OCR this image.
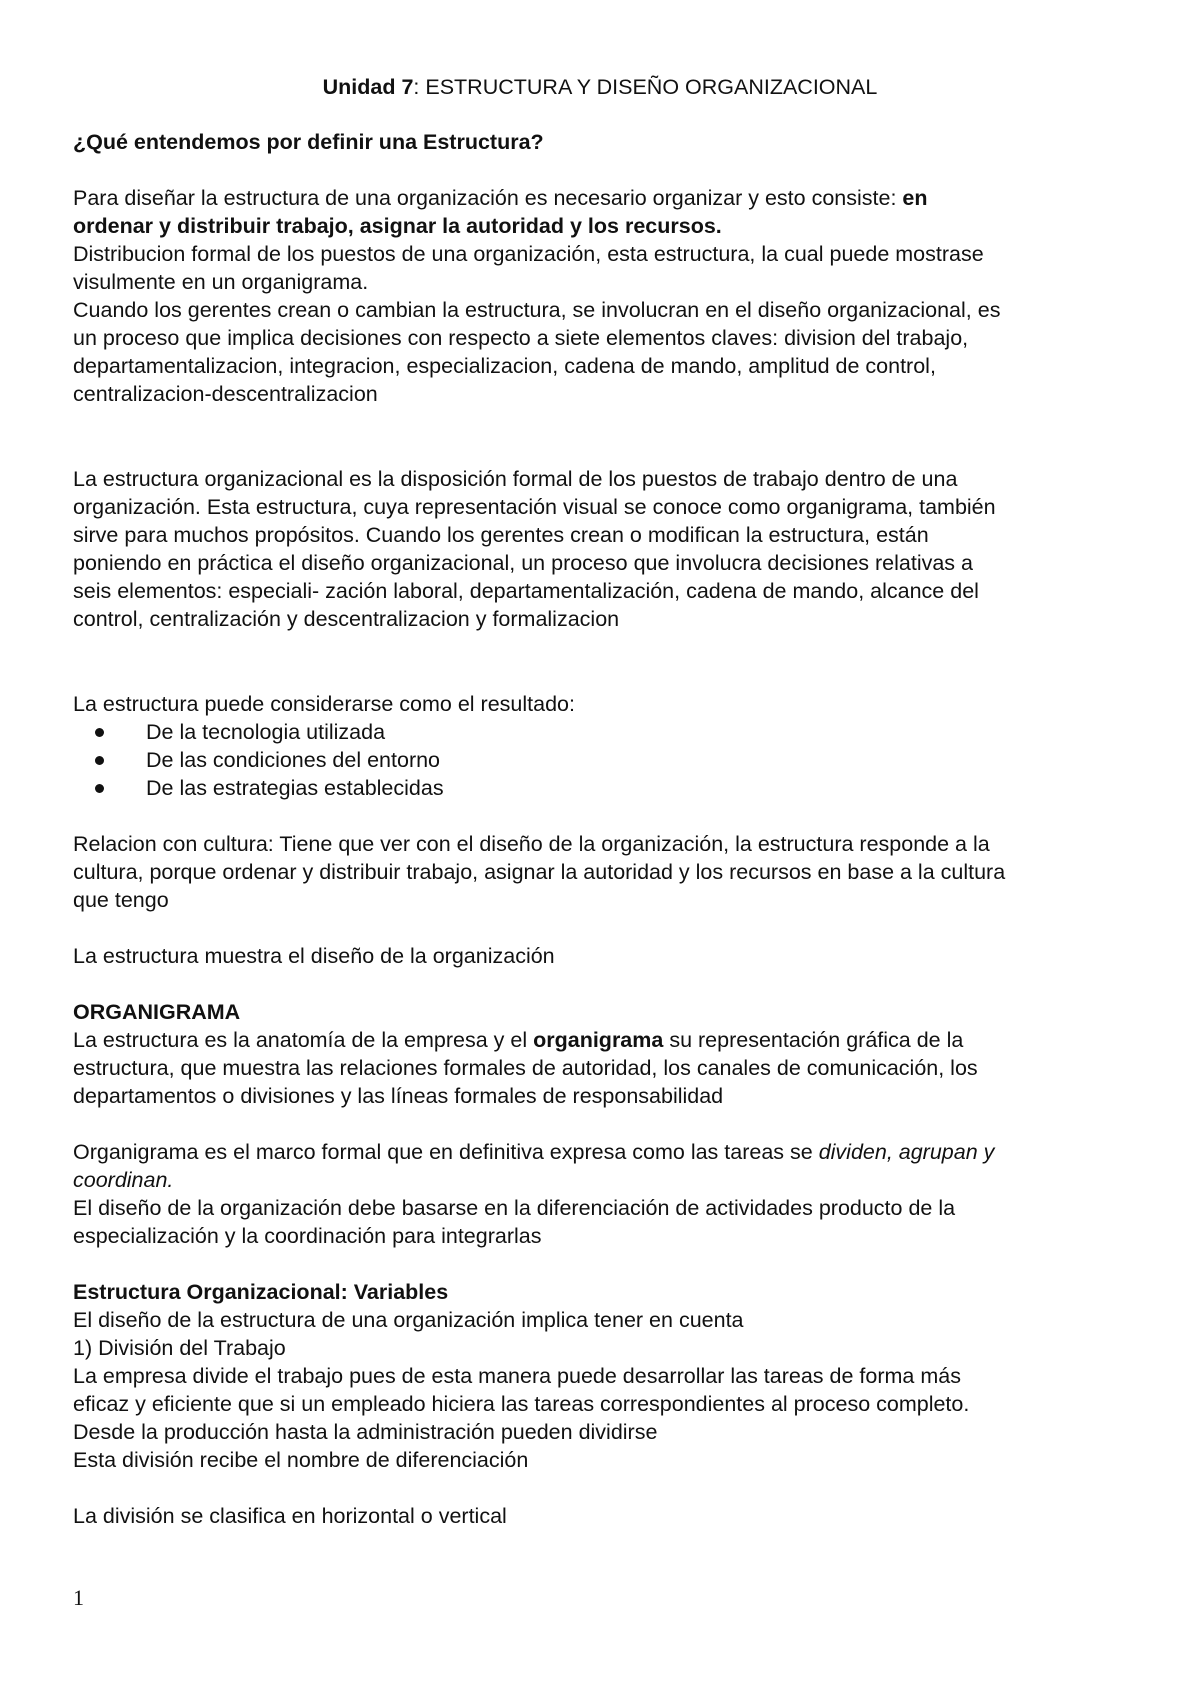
Unidad 7: ESTRUCTURA Y DISEÑO ORGANIZACIONAL

¿Qué entendemos por definir una Estructura?

Para diseñar la estructura de una organización es necesario organizar y esto consiste: en

ordenar y distribuir trabajo, asignar la autoridad y los recursos.

Distribucion formal de los puestos de una organización, esta estructura, la cual puede mostrase

visulmente en un organigrama.

Cuando los gerentes crean o cambian la estructura, se involucran en el diseño organizacional, es

un proceso que implica decisiones con respecto a siete elementos claves: division del trabajo,

departamentalizacion, integracion, especializacion, cadena de mando, amplitud de control,

centralizacion-descentralizacion

La estructura organizacional es la disposición formal de los puestos de trabajo dentro de una

organización. Esta estructura, cuya representación visual se conoce como organigrama, también

sirve para muchos propósitos. Cuando los gerentes crean o modifican la estructura, están

poniendo en práctica el diseño organizacional, un proceso que involucra decisiones relativas a

seis elementos: especiali- zación laboral, departamentalización, cadena de mando, alcance del

control, centralización y descentralizacion y formalizacion

La estructura puede considerarse como el resultado:

De la tecnologia utilizada
De las condiciones del entorno
De las estrategias establecidas

Relacion con cultura: Tiene que ver con el diseño de la organización, la estructura responde a la

cultura, porque ordenar y distribuir trabajo, asignar la autoridad y los recursos en base a la cultura

que tengo

La estructura muestra el diseño de la organización

ORGANIGRAMA

La estructura es la anatomía de la empresa y el organigrama su representación gráfica de la

estructura, que muestra las relaciones formales de autoridad, los canales de comunicación, los

departamentos o divisiones y las líneas formales de responsabilidad

Organigrama es el marco formal que en definitiva expresa como las tareas se dividen, agrupan y

coordinan.

El diseño de la organización debe basarse en la diferenciación de actividades producto de la

especialización y la coordinación para integrarlas

Estructura Organizacional: Variables

El diseño de la estructura de una organización implica tener en cuenta

1) División del Trabajo

La empresa divide el trabajo pues de esta manera puede desarrollar las tareas de forma más

eficaz y eficiente que si un empleado hiciera las tareas correspondientes al proceso completo.

Desde la producción hasta la administración pueden dividirse

Esta división recibe el nombre de diferenciación

La división se clasifica en horizontal o vertical

1
